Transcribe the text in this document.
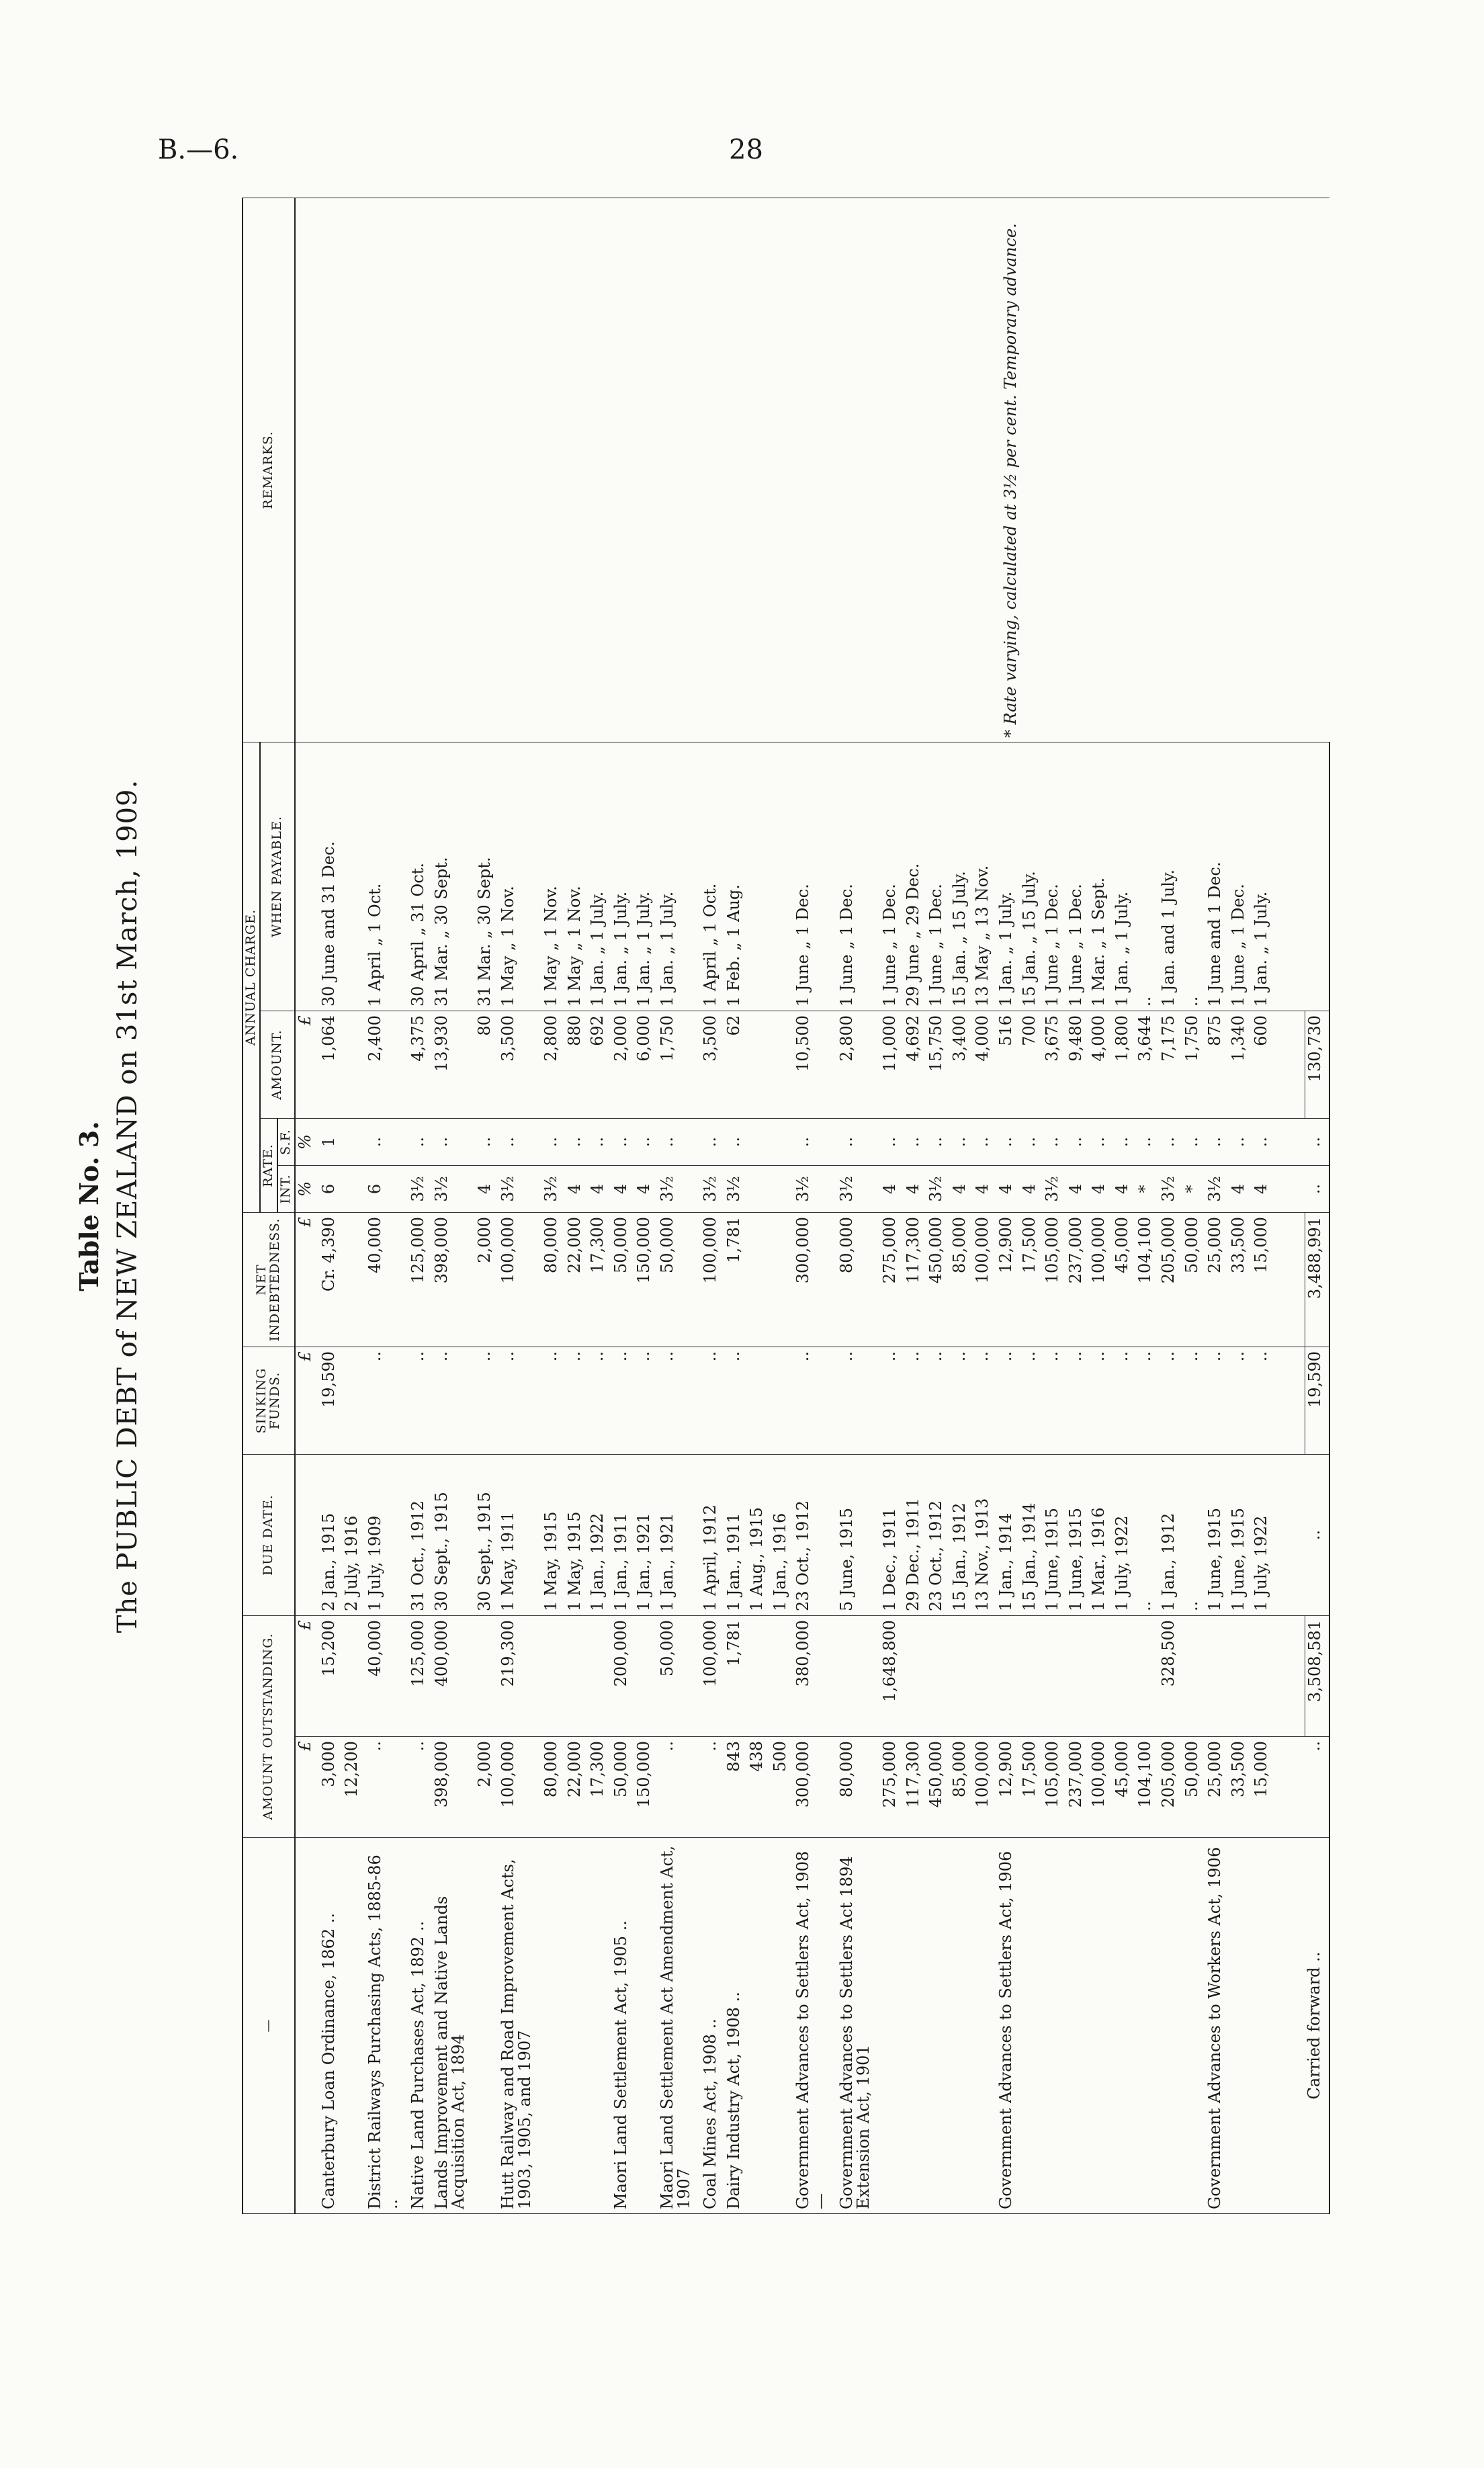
B.—6.	28
Table No. 3. The PUBLIC DEBT of NEW ZEALAND on 31st March, 1909.
—	AMOUNT OUTSTANDING.		DUE DATE.	SINKING FUNDS.	NET INDEBTEDNESS.	ANNUAL CHARGE.				REMARKS.
						RATE.		AMOUNT.	WHEN PAYABLE.	
						INT.	S.F.			
	£	£		£	£	%	%	£		* Rate varying, calculated at 3½ per cent. Temporary advance.

Canterbury Loan Ordinance, 1862 ..	3,000	15,200	2 Jan., 1915	19,590	Cr. 4,390	6	1	1,064	30 June and 31 Dec.	
	12,200		2 July, 1916							
District Railways Purchasing Acts, 1885-86 ..	..	40,000	1 July, 1909	..	40,000	6	..	2,400	1 April „ 1 Oct.	
Native Land Purchases Act, 1892 ..	..	125,000	31 Oct., 1912	..	125,000	3½	..	4,375	30 April „ 31 Oct.	
Lands Improvement and Native Lands Acquisition Act, 1894	398,000	400,000	30 Sept., 1915	..	398,000	3½	..	13,930	31 Mar. „ 30 Sept.	
	2,000		30 Sept., 1915	..	2,000	4	..	80	31 Mar. „ 30 Sept.	
Hutt Railway and Road Improvement Acts, 1903, 1905, and 1907	100,000	219,300	1 May, 1911	..	100,000	3½	..	3,500	1 May „ 1 Nov.	
	80,000		1 May, 1915	..	80,000	3½	..	2,800	1 May „ 1 Nov.	
	22,000		1 May, 1915	..	22,000	4	..	880	1 May „ 1 Nov.	
	17,300		1 Jan., 1922	..	17,300	4	..	692	1 Jan. „ 1 July.	
Maori Land Settlement Act, 1905 ..	50,000	200,000	1 Jan., 1911	..	50,000	4	..	2,000	1 Jan. „ 1 July.	
	150,000		1 Jan., 1921	..	150,000	4	..	6,000	1 Jan. „ 1 July.	
Maori Land Settlement Act Amendment Act, 1907	..	50,000	1 Jan., 1921	..	50,000	3½	..	1,750	1 Jan. „ 1 July.	
Coal Mines Act, 1908 ..	..	100,000	1 April, 1912	..	100,000	3½	..	3,500	1 April „ 1 Oct.	
Dairy Industry Act, 1908 ..	843	1,781	1 Jan., 1911	..	1,781	3½	..	62	1 Feb. „ 1 Aug.	
	438		1 Aug., 1915							
	500		1 Jan., 1916							
Government Advances to Settlers Act, 1908—	300,000	380,000	23 Oct., 1912	..	300,000	3½	..	10,500	1 June „ 1 Dec.	
Government Advances to Settlers Act 1894 Extension Act, 1901	80,000		5 June, 1915	..	80,000	3½	..	2,800	1 June „ 1 Dec.	
	275,000	1,648,800	1 Dec., 1911	..	275,000	4	..	11,000	1 June „ 1 Dec.	
	117,300		29 Dec., 1911	..	117,300	4	..	4,692	29 June „ 29 Dec.	
	450,000		23 Oct., 1912	..	450,000	3½	..	15,750	1 June „ 1 Dec.	
	85,000		15 Jan., 1912	..	85,000	4	..	3,400	15 Jan. „ 15 July.	
	100,000		13 Nov., 1913	..	100,000	4	..	4,000	13 May „ 13 Nov.	
Government Advances to Settlers Act, 1906	12,900		1 Jan., 1914	..	12,900	4	..	516	1 Jan. „ 1 July.	
	17,500		15 Jan., 1914	..	17,500	4	..	700	15 Jan. „ 15 July.	
	105,000		1 June, 1915	..	105,000	3½	..	3,675	1 June „ 1 Dec.	
	237,000		1 June, 1915	..	237,000	4	..	9,480	1 June „ 1 Dec.	
	100,000		1 Mar., 1916	..	100,000	4	..	4,000	1 Mar. „ 1 Sept.	
	45,000		1 July, 1922	..	45,000	4	..	1,800	1 Jan. „ 1 July.	
	104,100		..	..	104,100	*	..	3,644	..	
	205,000	328,500	1 Jan., 1912	..	205,000	3½	..	7,175	1 Jan. and 1 July.	
	50,000		..	..	50,000	*	..	1,750	..	
Government Advances to Workers Act, 1906	25,000		1 June, 1915	..	25,000	3½	..	875	1 June and 1 Dec.	
	33,500		1 June, 1915	..	33,500	4	..	1,340	1 June „ 1 Dec.	
	15,000		1 July, 1922	..	15,000	4	..	600	1 Jan. „ 1 July.	

Carried forward ..	..	3,508,581	..	19,590	3,488,991	..	..	130,730		
